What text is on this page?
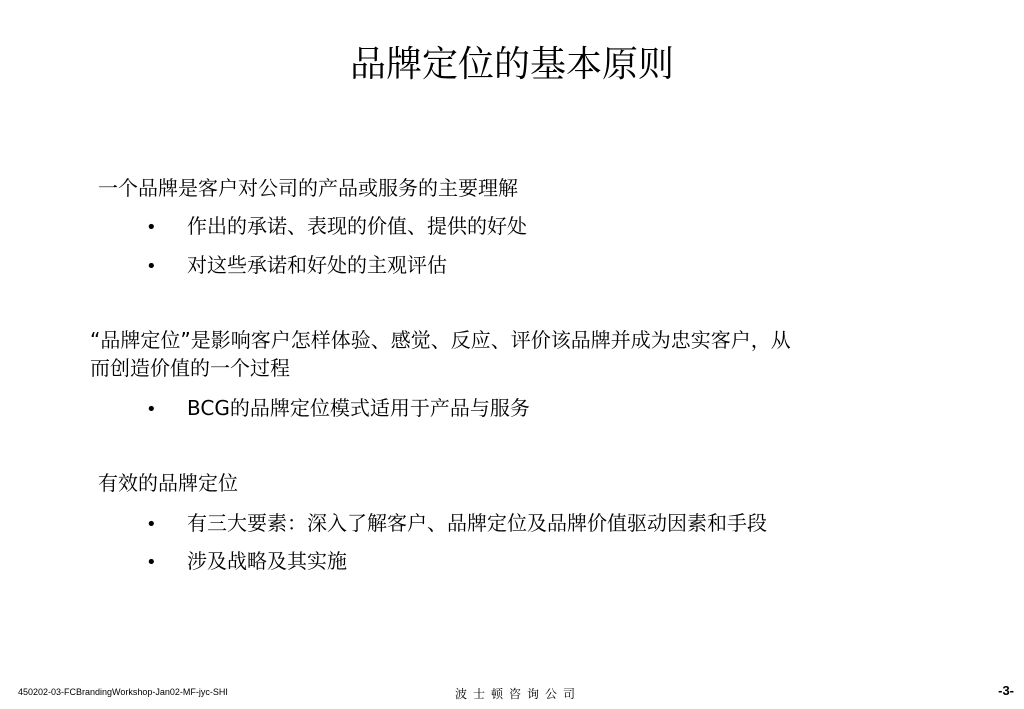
品牌定位的基本原则
一个品牌是客户对公司的产品或服务的主要理解
• 作出的承诺、表现的价值、提供的好处
• 对这些承诺和好处的主观评估
“品牌定位”是影响客户怎样体验、感觉、反应、评价该品牌并成为忠实客户，从
而创造价值的一个过程
• BCG的品牌定位模式适用于产品与服务
有效的品牌定位
• 有三大要素：深入了解客户、品牌定位及品牌价值驱动因素和手段
• 涉及战略及其实施
450202-03-FCBrandingWorkshop-Jan02-MF-jyc-SHI	波士顿咨询公司	-3-
